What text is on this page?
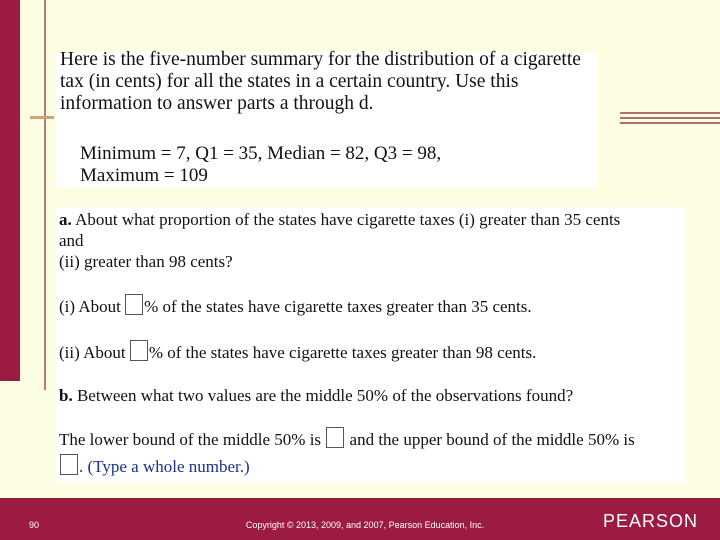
Here is the five-number summary for the distribution of a cigarette tax (in cents) for all the states in a certain country. Use this information to answer parts a through d.
Minimum = 7, Q1 = 35, Median = 82, Q3 = 98,
Maximum = 109
a. About what proportion of the states have cigarette taxes (i) greater than 35 cents
and
(ii) greater than 98 cents?
(i) About % of the states have cigarette taxes greater than 35 cents.
(ii) About % of the states have cigarette taxes greater than 98 cents.
b. Between what two values are the middle 50% of the observations found?
The lower bound of the middle 50% is and the upper bound of the middle 50% is
. (Type a whole number.)
90	Copyright © 2013, 2009, and 2007, Pearson Education, Inc.	PEARSON
